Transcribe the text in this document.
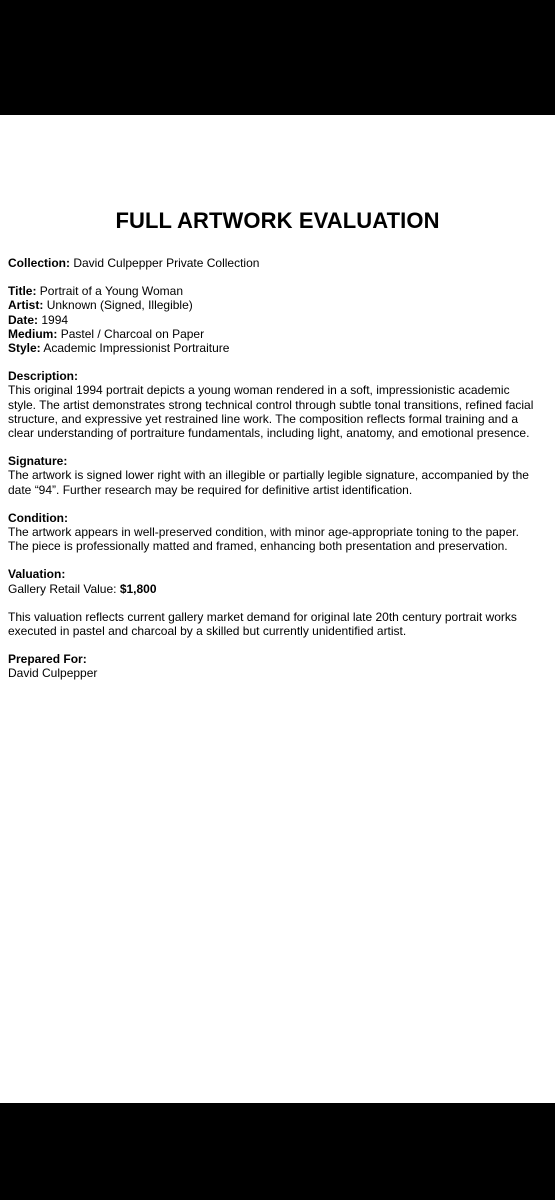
FULL ARTWORK EVALUATION

Collection: David Culpepper Private Collection

Title: Portrait of a Young Woman
Artist: Unknown (Signed, Illegible)
Date: 1994
Medium: Pastel / Charcoal on Paper
Style: Academic Impressionist Portraiture
Description:
This original 1994 portrait depicts a young woman rendered in a soft, impressionistic academic
style. The artist demonstrates strong technical control through subtle tonal transitions, refined facial
structure, and expressive yet restrained line work. The composition reflects formal training and a
clear understanding of portraiture fundamentals, including light, anatomy, and emotional presence.
Signature:
The artwork is signed lower right with an illegible or partially legible signature, accompanied by the
date “94”. Further research may be required for definitive artist identification.
Condition:
The artwork appears in well-preserved condition, with minor age-appropriate toning to the paper.
The piece is professionally matted and framed, enhancing both presentation and preservation.
Valuation:
Gallery Retail Value: $1,800
This valuation reflects current gallery market demand for original late 20th century portrait works
executed in pastel and charcoal by a skilled but currently unidentified artist.
Prepared For:
David Culpepper
